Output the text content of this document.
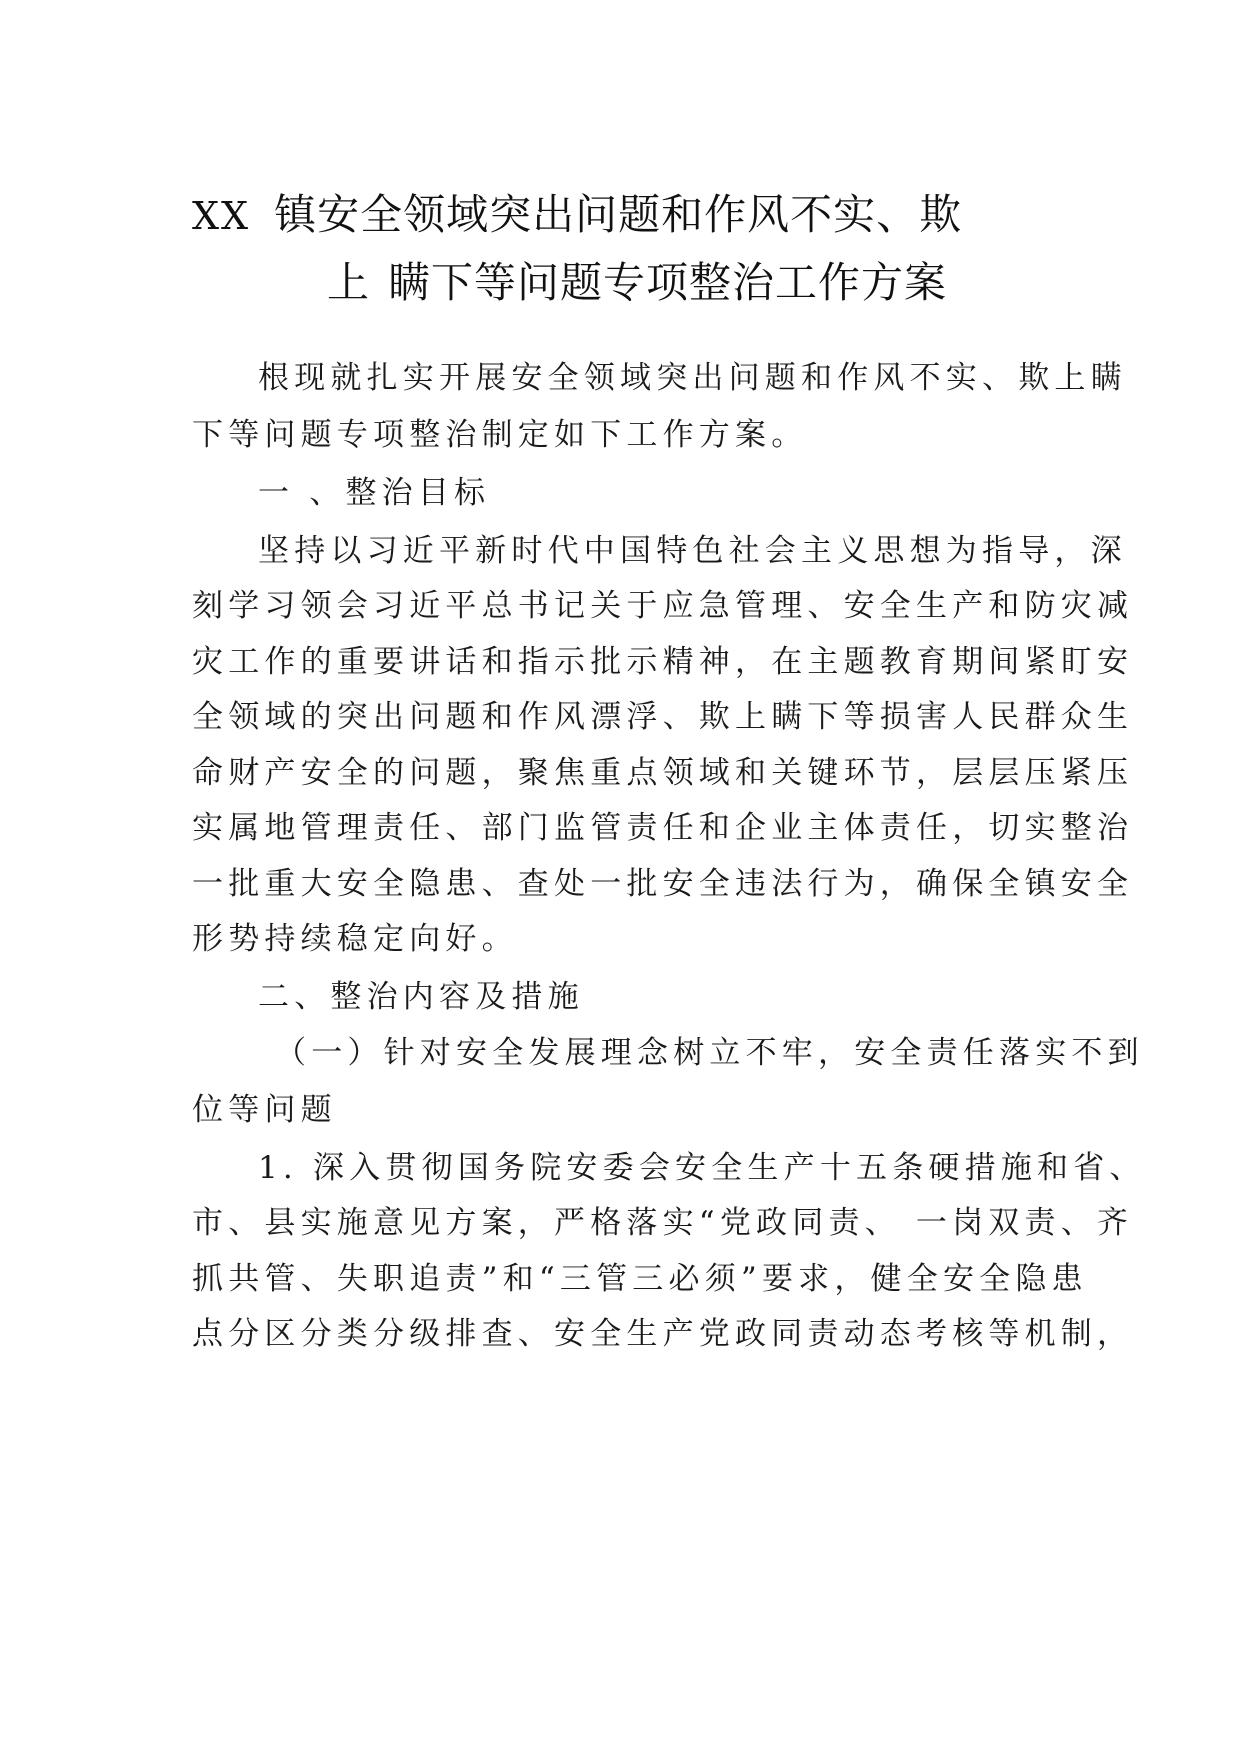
XX 镇安全领域突出问题和作风不实、欺
上 瞒下等问题专项整治工作方案

根现就扎实开展安全领域突出问题和作风不实、欺上瞒

下等问题专项整治制定如下工作方案。

一 、整治目标

坚持以习近平新时代中国特色社会主义思想为指导，深

刻学习领会习近平总书记关于应急管理、安全生产和防灾减

灾工作的重要讲话和指示批示精神，在主题教育期间紧盯安

全领域的突出问题和作风漂浮、欺上瞒下等损害人民群众生

命财产安全的问题，聚焦重点领域和关键环节，层层压紧压

实属地管理责任、部门监管责任和企业主体责任，切实整治

一批重大安全隐患、查处一批安全违法行为，确保全镇安全

形势持续稳定向好。

二、整治内容及措施

（一）针对安全发展理念树立不牢，安全责任落实不到

位等问题

1. 深入贯彻国务院安委会安全生产十五条硬措施和省、

市、县实施意见方案，严格落实“党政同责、 一岗双责、齐

抓共管、失职追责”和“三管三必须”要求，健全安全隐患

点分区分类分级排查、安全生产党政同责动态考核等机制，
